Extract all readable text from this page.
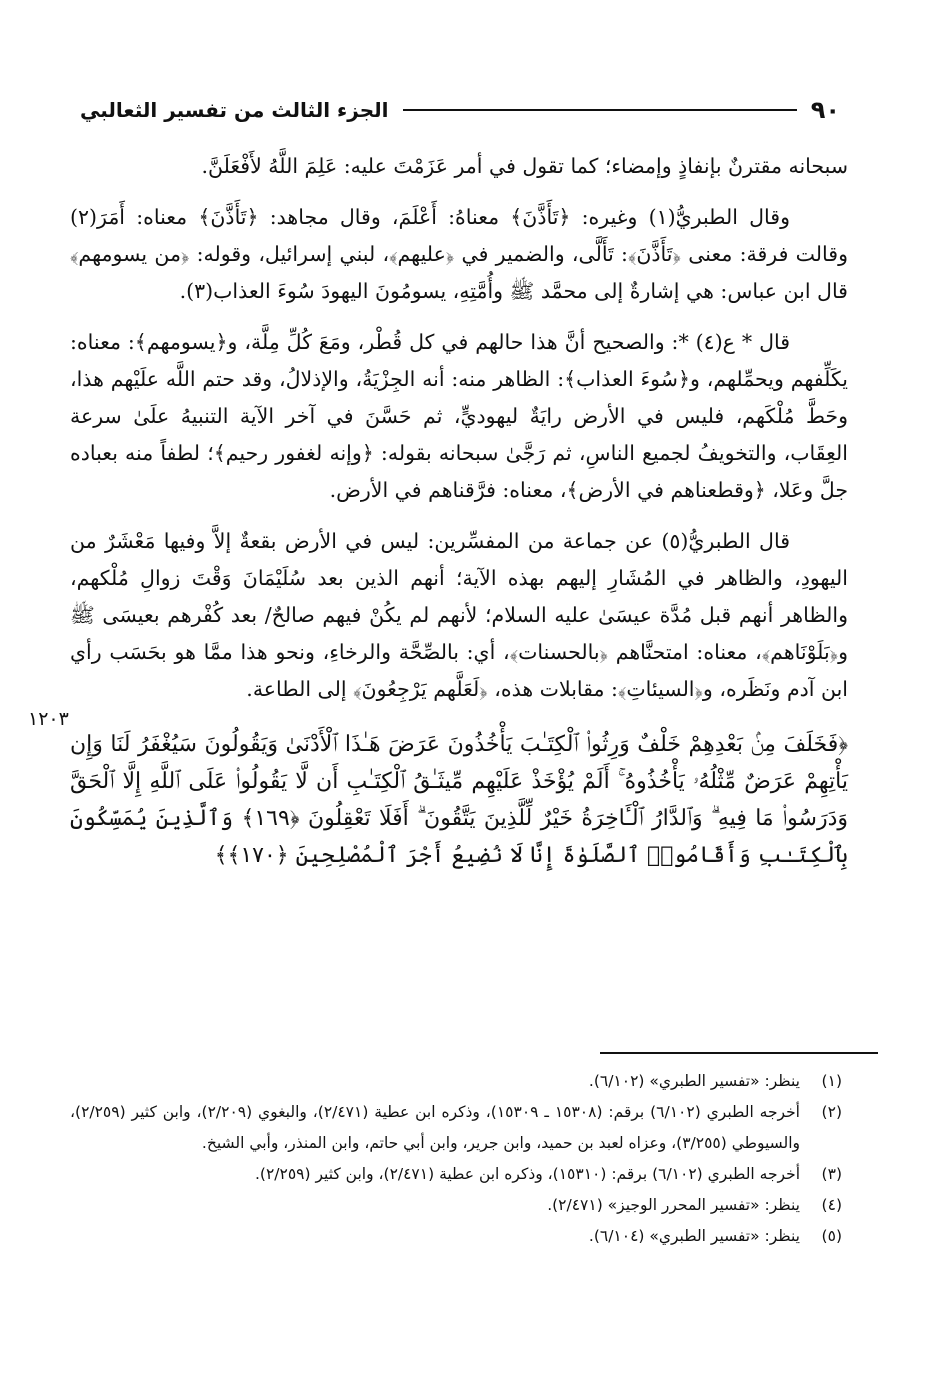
٩٠
الجزء الثالث من تفسير الثعالبي

سبحانه مقترنٌ بإنفاذٍ وإمضاء؛ كما تقول في أمر عَزَمْتَ عليه: عَلِمَ اللَّهُ لأَفْعَلَنَّ.

وقال الطبريُّ(١) وغيره: ﴿تَأَذَّنَ﴾ معناهُ: أَعْلَمَ، وقال مجاهد: ﴿تَأَذَّنَ﴾ معناه: أَمَرَ(٢) وقالت فرقة: معنى ﴿تَأَذَّنَ﴾: تَأَلَّى، والضمير في ﴿عليهم﴾، لبني إسرائيل، وقوله: ﴿من يسومهم﴾ قال ابن عباس: هي إشارةٌ إلى محمَّد ﷺ وأُمَّتِهِ، يسومُونَ اليهودَ سُوءَ العذاب(٣).

قال * ع(٤) *: والصحيح أنَّ هذا حالهم في كل قُطْر، ومَعَ كُلِّ مِلَّة، و﴿يسومهم﴾: معناه: يكَلِّفهم ويحمِّلهم، و﴿سُوءَ العذاب﴾: الظاهر منه: أنه الجِزْيَةُ، والإذلالُ، وقد حتم اللَّه علَيْهم هذا، وحَطَّ مُلْكَهم، فليس في الأرض رايَةٌ ليهوديٍّ، ثم حَسَّنَ في آخر الآية التنبيهُ علَىٰ سرعة العِقَاب، والتخويفُ لجميع الناسِ، ثم رَجَّىٰ سبحانه بقوله: ﴿وإنه لغفور رحيم﴾؛ لطفاً منه بعباده جلَّ وعَلا، ﴿وقطعناهم في الأرض﴾، معناه: فرَّقناهم في الأرض.

قال الطبريُّ(٥) عن جماعة من المفسِّرين: ليس في الأرض بقعةٌ إلاَّ وفيها مَعْشَرٌ من اليهودِ، والظاهر في المُشَارِ إليهم بهذه الآية؛ أنهم الذين بعد سُلَيْمَانَ وَقْتَ زوالِ مُلْكهم، والظاهر أنهم قبل مُدَّة عيسَىٰ عليه السلام؛ لأنهم لم يكُنْ فيهم صالحٌ/ بعد كُفْرهم بعيسَى ﷺ و﴿بَلَوْنَاهم﴾، معناه: امتحنَّاهم ﴿بالحسنات﴾، أي: بالصِّحَّة والرخاءِ، ونحو هذا ممَّا هو بحَسَب رأي ابن آدم ونَظَره، و﴿السيئاتِ﴾: مقابلات هذه، ﴿لَعَلَّهم يَرْجِعُونَ﴾ إلى الطاعة.

﴿فَخَلَفَ مِنۢ بَعْدِهِمْ خَلْفٌ وَرِثُوا۟ ٱلْكِتَـٰبَ يَأْخُذُونَ عَرَضَ هَـٰذَا ٱلْأَدْنَىٰ وَيَقُولُونَ سَيُغْفَرُ لَنَا وَإِن يَأْتِهِمْ عَرَضٌ مِّثْلُهُۥ يَأْخُذُوهُ ۚ أَلَمْ يُؤْخَذْ عَلَيْهِم مِّيثَـٰقُ ٱلْكِتَـٰبِ أَن لَّا يَقُولُوا۟ عَلَى ٱللَّهِ إِلَّا ٱلْحَقَّ وَدَرَسُوا۟ مَا فِيهِ ۗ وَٱلدَّارُ ٱلْـَٔاخِرَةُ خَيْرٌ لِّلَّذِينَ يَتَّقُونَ ۗ أَفَلَا تَعْقِلُونَ ﴿١٦٩﴾ وَٱلَّذِينَ يُمَسِّكُونَ بِٱلْكِتَـٰبِ وَأَقَامُوا۟ ٱلصَّلَوٰةَ إِنَّا لَا نُضِيعُ أَجْرَ ٱلْمُصْلِحِينَ ﴿١٧٠﴾﴾

١٢٠٣
(١)
ينظر: «تفسير الطبري» (٦/١٠٢).
(٢)
أخرجه الطبري (٦/١٠٢) برقم: (١٥٣٠٨ ـ ١٥٣٠٩)، وذكره ابن عطية (٢/٤٧١)، والبغوي (٢/٢٠٩)، وابن كثير (٢/٢٥٩)، والسيوطي (٣/٢٥٥)، وعزاه لعبد بن حميد، وابن جرير، وابن أبي حاتم، وابن المنذر، وأبي الشيخ.
(٣)
أخرجه الطبري (٦/١٠٢) برقم: (١٥٣١٠)، وذكره ابن عطية (٢/٤٧١)، وابن كثير (٢/٢٥٩).
(٤)
ينظر: «تفسير المحرر الوجيز» (٢/٤٧١).
(٥)
ينظر: «تفسير الطبري» (٦/١٠٤).
